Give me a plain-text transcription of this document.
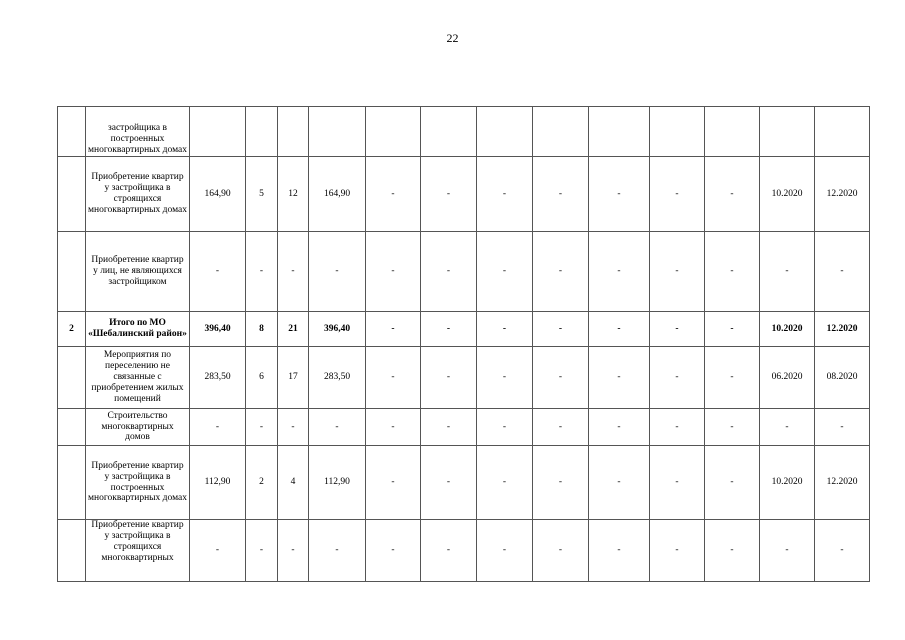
22
	застройщика в построенных многоквартирных домах													
	Приобретение квартир у застройщика в строящихся многоквартирных домах	164,90	5	12	164,90	-	-	-	-	-	-	-	10.2020	12.2020
	Приобретение квартир у лиц, не являющихся застройщиком	-	-	-	-	-	-	-	-	-	-	-	-	-
2	Итого по МО «Шебалинский район»	396,40	8	21	396,40	-	-	-	-	-	-	-	10.2020	12.2020
	Мероприятия по переселению не связанные с приобретением жилых помещений	283,50	6	17	283,50	-	-	-	-	-	-	-	06.2020	08.2020
	Строительство многоквартирных домов	-	-	-	-	-	-	-	-	-	-	-	-	-
	Приобретение квартир у застройщика в построенных многоквартирных домах	112,90	2	4	112,90	-	-	-	-	-	-	-	10.2020	12.2020
	Приобретение квартир у застройщика в строящихся многоквартирных	-	-	-	-	-	-	-	-	-	-	-	-	-
